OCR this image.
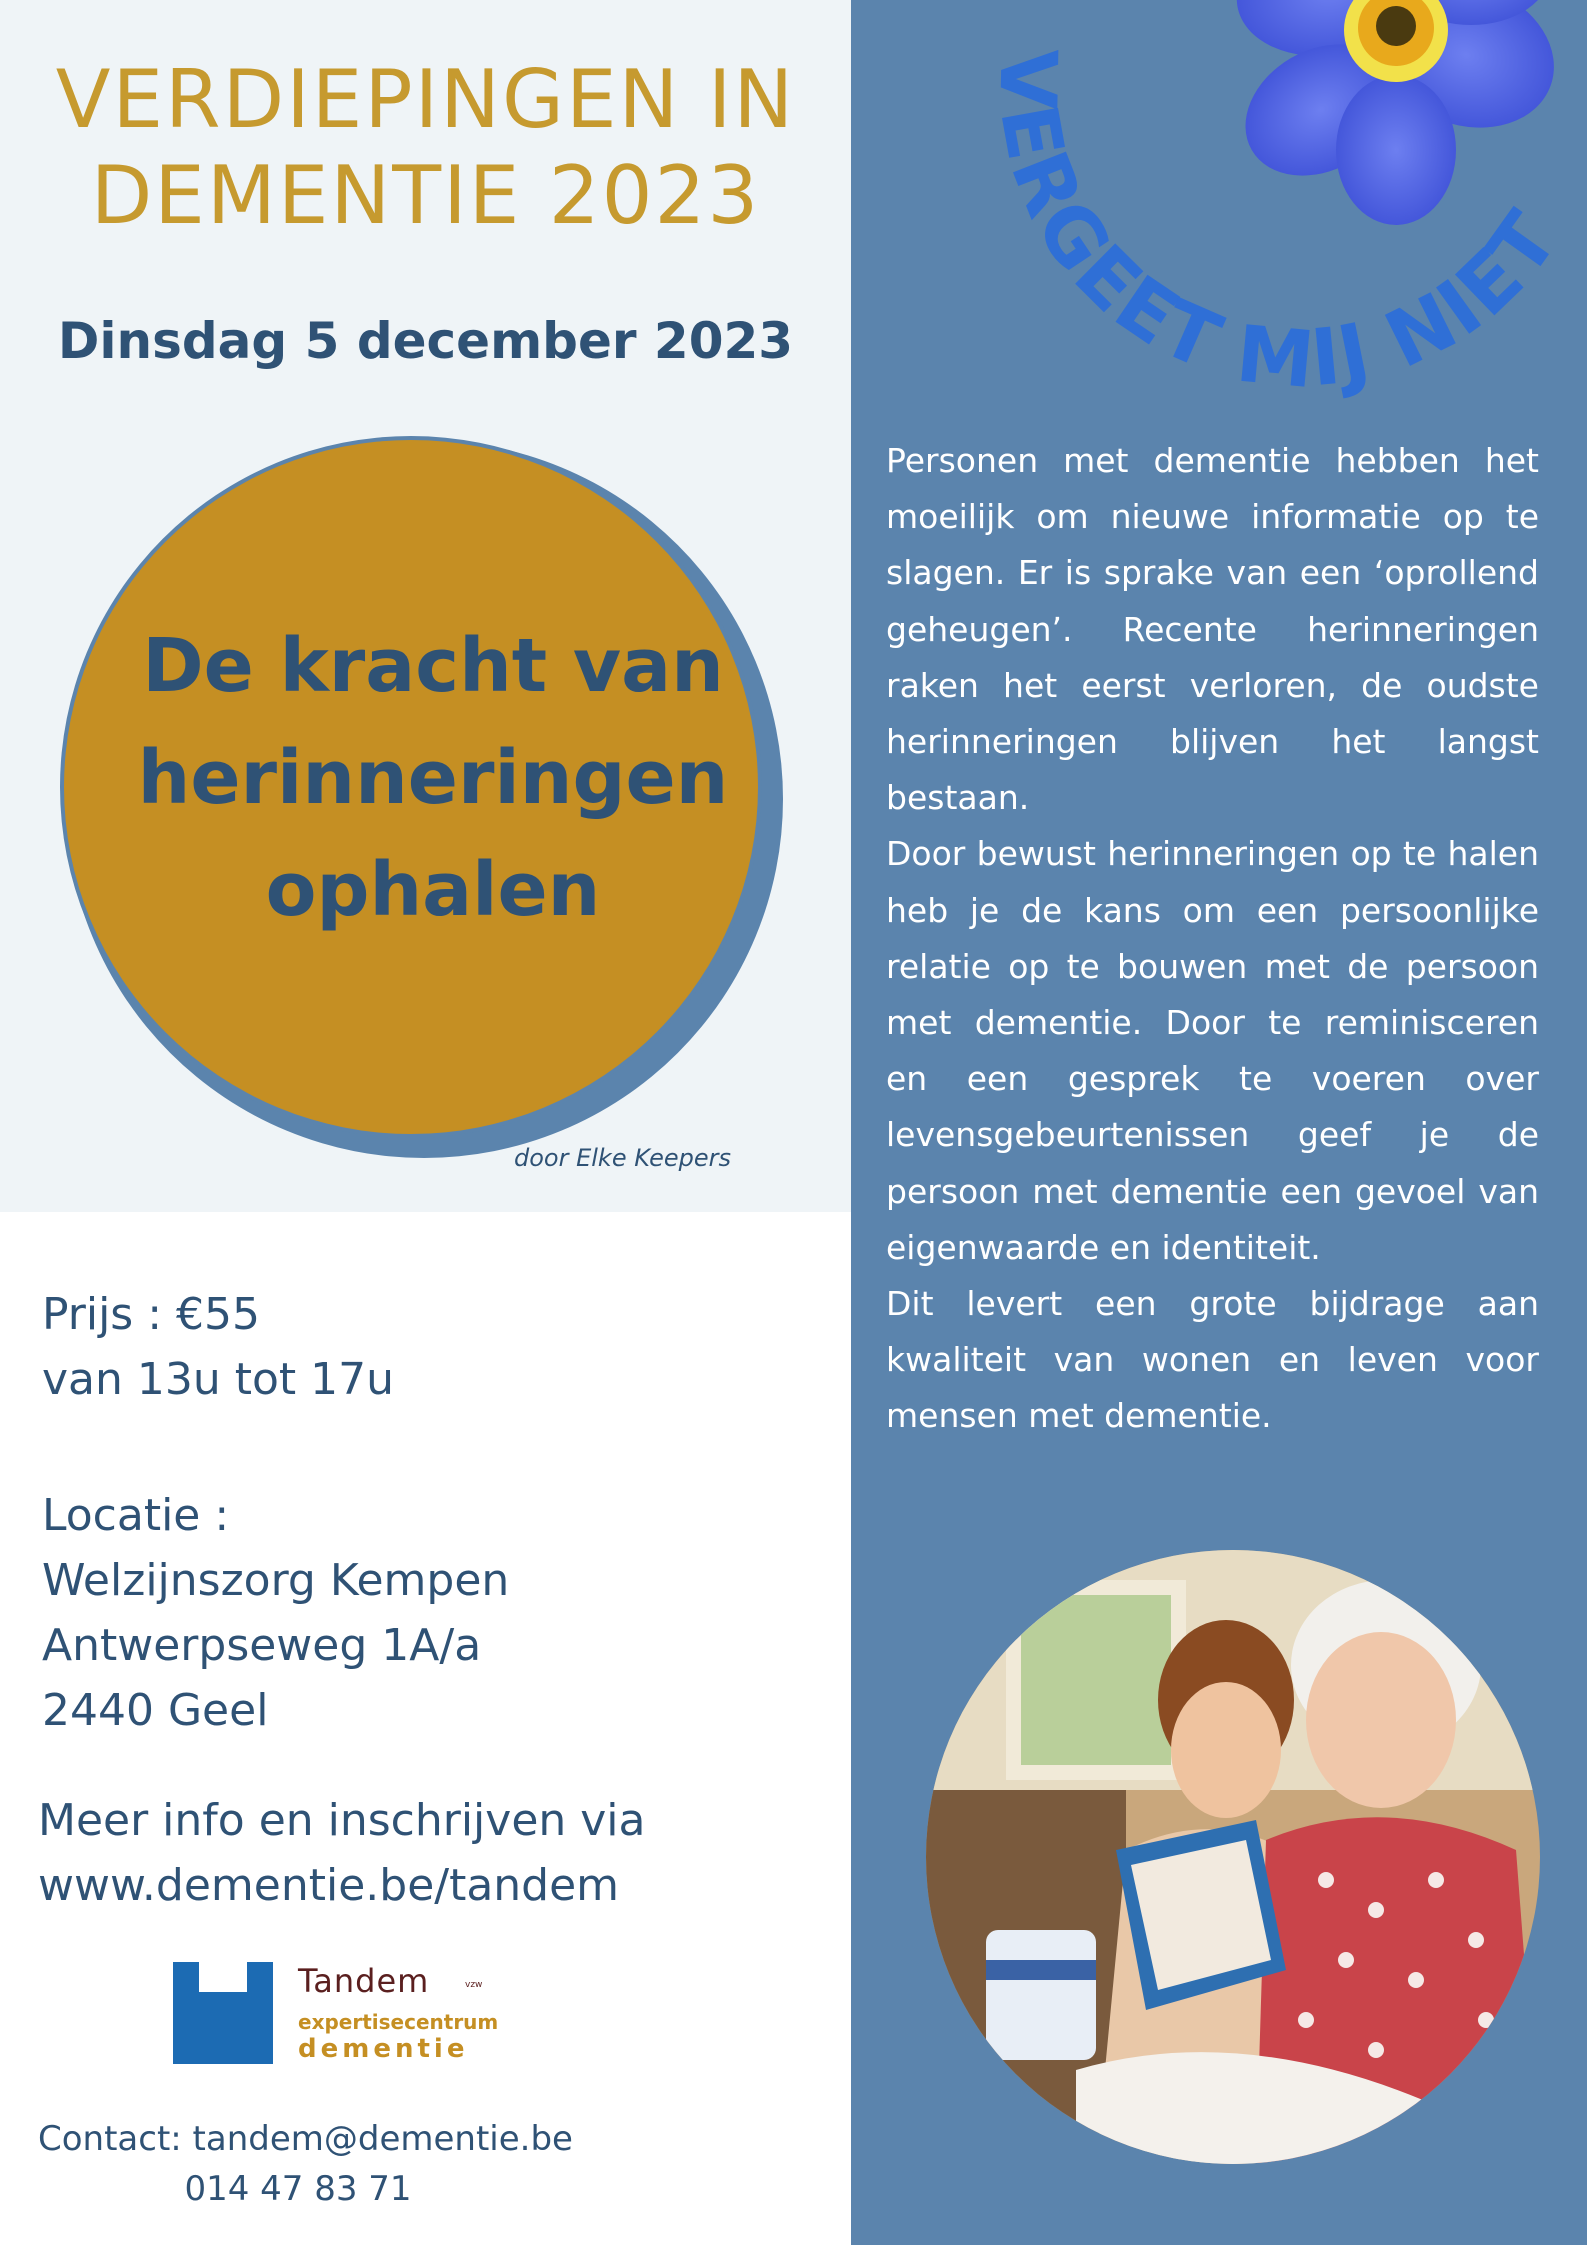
VERDIEPINGEN IN
DEMENTIE 2023
Dinsdag 5 december 2023
De kracht van
herinneringen
ophalen
door Elke Keepers
Prijs : €55
van 13u tot 17u
Locatie :
Welzijnszorg Kempen
Antwerpseweg 1A/a
2440 Geel
Meer info en inschrijven via
www.dementie.be/tandem
Tandem	vzw
expertisecentrum
dementie
Contact: tandem@dementie.be
014 47 83 71
VERGEET MIJ NIET

Personen met dementie hebben het moeilijk om nieuwe informatie op te slagen. Er is sprake van een ‘oprollend geheugen’. Recente herinneringen raken het eerst verloren, de oudste herinneringen blijven het langst bestaan.

Door bewust herinneringen op te halen heb je de kans om een persoonlijke relatie op te bouwen met de persoon met dementie. Door te reminisceren en een gesprek te voeren over levensgebeurtenissen geef je de persoon met dementie een gevoel van eigenwaarde en identiteit.

Dit levert een grote bijdrage aan kwaliteit van wonen en leven voor mensen met dementie.
